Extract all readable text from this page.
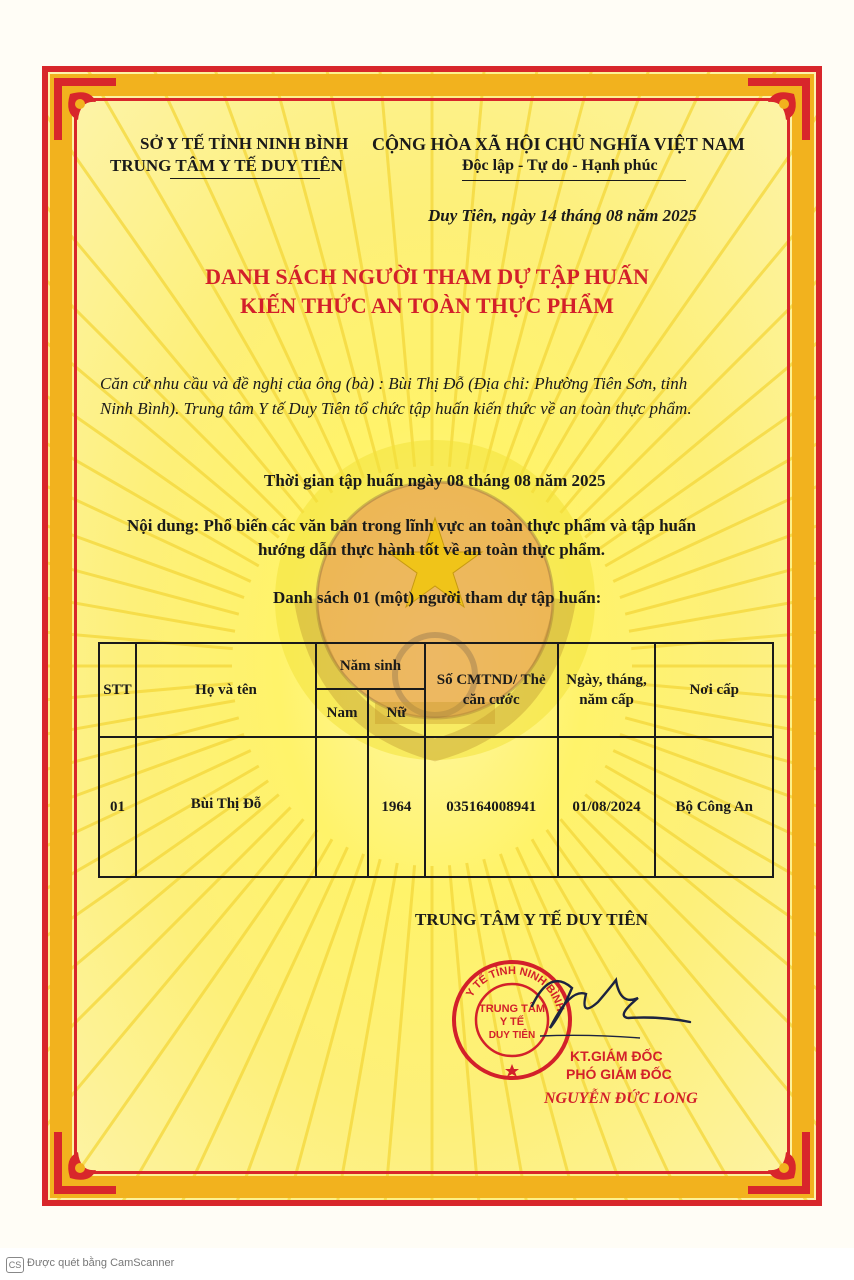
SỞ Y TẾ TỈNH NINH BÌNH
TRUNG TÂM Y TẾ DUY TIÊN
CỘNG HÒA XÃ HỘI CHỦ NGHĨA VIỆT NAM
Độc lập - Tự do - Hạnh phúc
Duy Tiên, ngày 14 tháng 08 năm 2025
DANH SÁCH NGƯỜI THAM DỰ TẬP HUẤN
KIẾN THỨC AN TOÀN THỰC PHẨM
Căn cứ nhu cầu và đề nghị của ông (bà) : Bùi Thị Đỗ (Địa chỉ: Phường Tiên Sơn, tỉnh
Ninh Bình). Trung tâm Y tế Duy Tiên tổ chức tập huấn kiến thức về an toàn thực phẩm.
Thời gian tập huấn ngày 08 tháng 08 năm 2025
Nội dung: Phổ biến các văn bản trong lĩnh vực an toàn thực phẩm và tập huấn
hướng dẫn thực hành tốt về an toàn thực phẩm.
Danh sách 01 (một) người tham dự tập huấn:
STT	Họ và tên	Năm sinh		Số CMTND/ Thẻ căn cước	Ngày, tháng, năm cấp	Nơi cấp
		Nam	Nữ			
01	Bùi Thị Đỗ		1964	035164008941	01/08/2024	Bộ Công An
TRUNG TÂM Y TẾ DUY TIÊN
Y TẾ TỈNH NINH BÌNH
TRUNG TÂM
Y TẾ
DUY TIÊN
KT.GIÁM ĐỐC
PHÓ GIÁM ĐỐC
NGUYỄN ĐỨC LONG
CS Được quét bằng CamScanner
